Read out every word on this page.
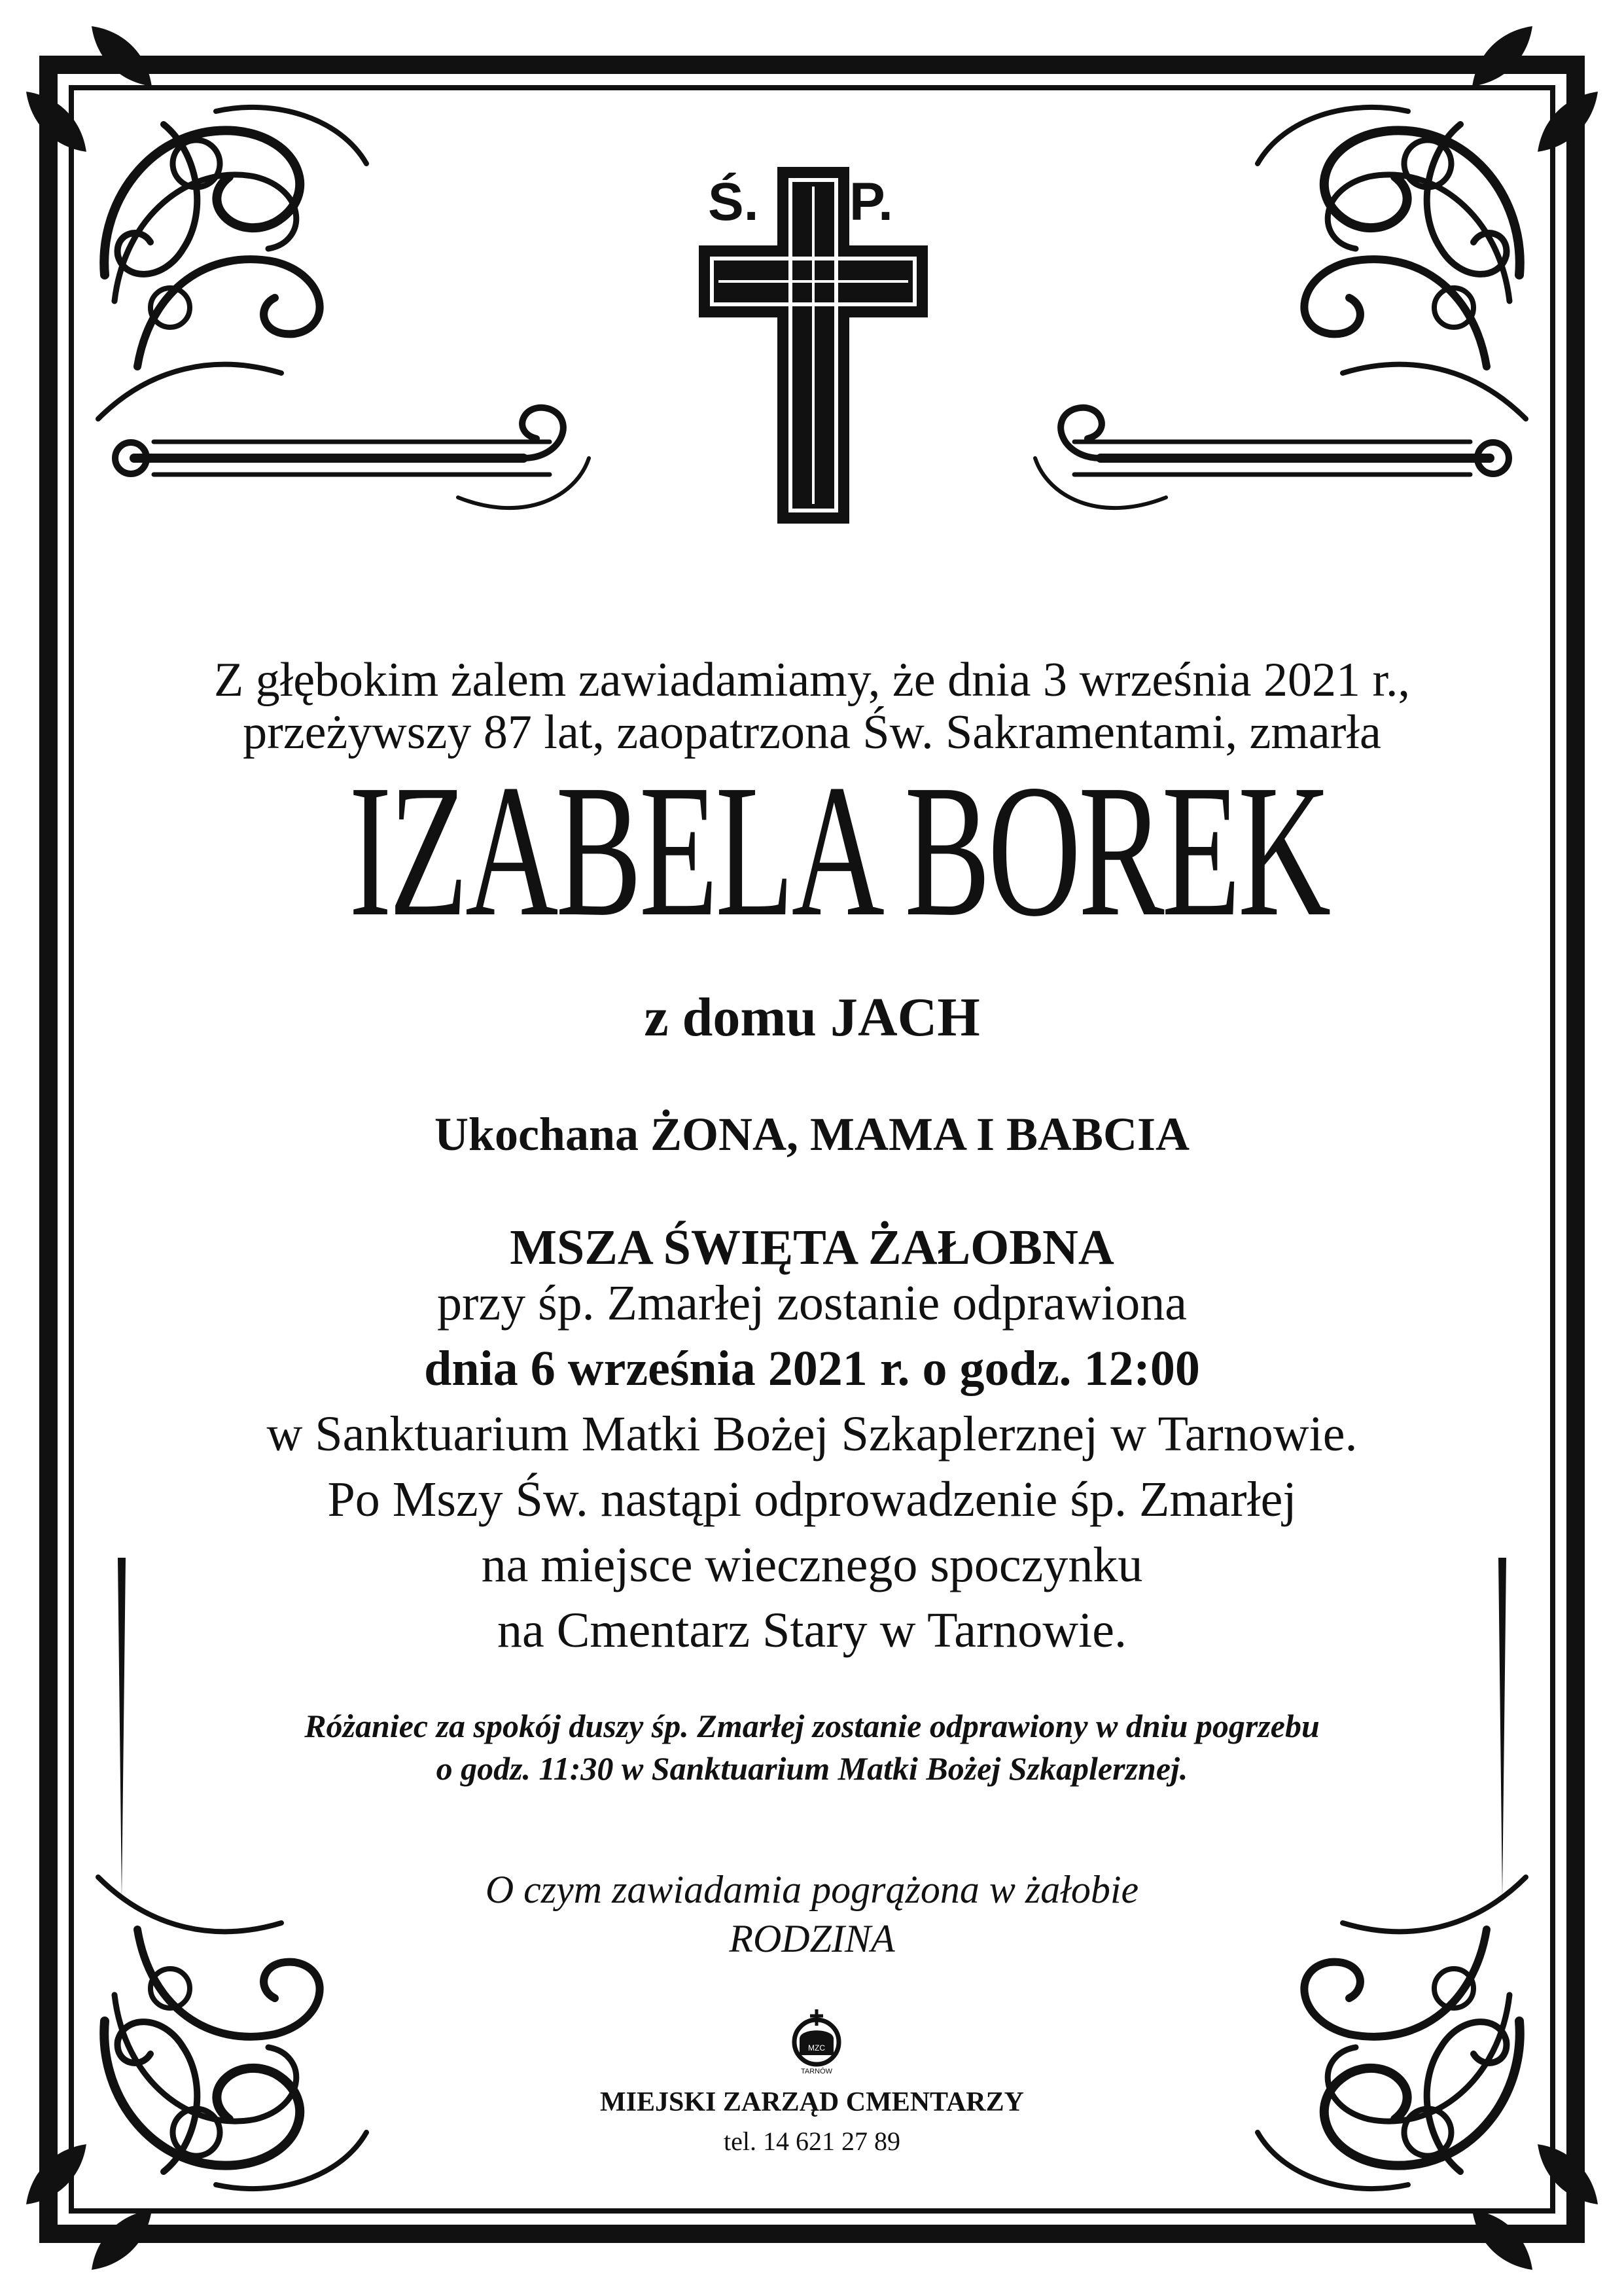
MZC
TARNÓW
Ś. P.
Z głębokim żalem zawiadamiamy, że dnia 3 września 2021 r.,
przeżywszy 87 lat, zaopatrzona Św. Sakramentami, zmarła
IZABELA BOREK
z domu JACH
Ukochana ŻONA, MAMA I BABCIA
MSZA ŚWIĘTA ŻAŁOBNA
przy śp. Zmarłej zostanie odprawiona
dnia 6 września 2021 r. o godz. 12:00
w Sanktuarium Matki Bożej Szkaplerznej w Tarnowie.
Po Mszy Św. nastąpi odprowadzenie śp. Zmarłej
na miejsce wiecznego spoczynku
na Cmentarz Stary w Tarnowie.
Różaniec za spokój duszy śp. Zmarłej zostanie odprawiony w dniu pogrzebu
o godz. 11:30 w Sanktuarium Matki Bożej Szkaplerznej.
O czym zawiadamia pogrążona w żałobie
RODZINA
MIEJSKI ZARZĄD CMENTARZY
tel. 14 621 27 89
